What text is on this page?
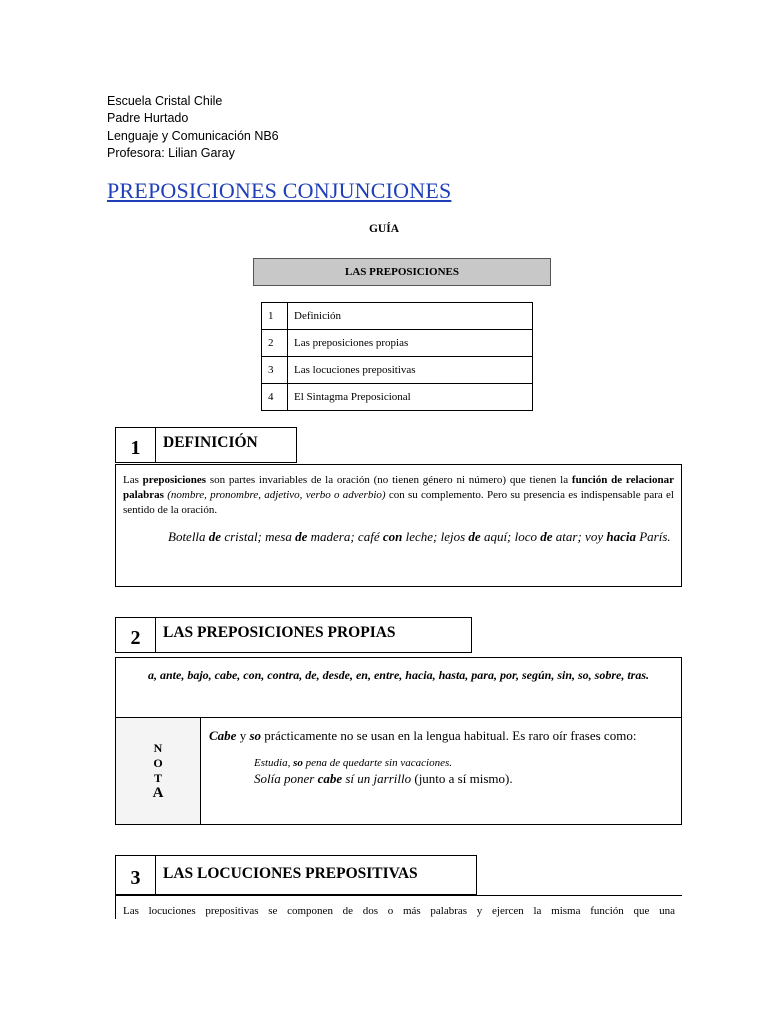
Escuela Cristal Chile
Padre Hurtado
Lenguaje y Comunicación NB6
Profesora: Lilian Garay
PREPOSICIONES CONJUNCIONES
GUÍA
LAS PREPOSICIONES
1	Definición
2	Las preposiciones propias
3	Las locuciones prepositivas
4	El Sintagma Preposicional
1	DEFINICIÓN
Las preposiciones son partes invariables de la oración (no tienen género ni número) que tienen la función de relacionar palabras (nombre, pronombre, adjetivo, verbo o adverbio) con su complemento. Pero su presencia es indispensable para el sentido de la oración.
Botella de cristal; mesa de madera; café con leche; lejos de aquí; loco de atar; voy hacia París.
2	LAS PREPOSICIONES PROPIAS
a, ante, bajo, cabe, con, contra, de, desde, en, entre, hacia, hasta, para, por, según, sin, so, sobre, tras.
N
O
T
A
Cabe y so prácticamente no se usan en la lengua habitual. Es raro oír frases como:
Estudia, so pena de quedarte sin vacaciones.
Solía poner cabe sí un jarrillo (junto a sí mismo).
3	LAS LOCUCIONES PREPOSITIVAS
Las locuciones prepositivas se componen de dos o más palabras y ejercen la misma función que una
